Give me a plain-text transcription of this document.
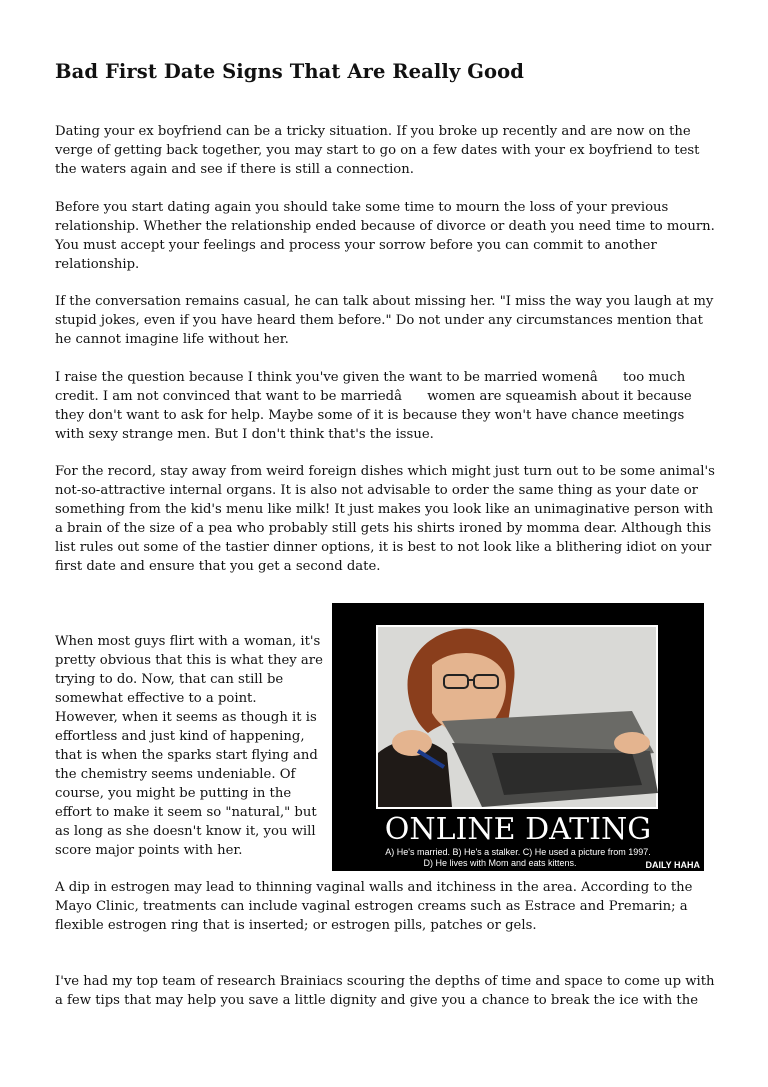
Bad First Date Signs That Are Really Good

Dating your ex boyfriend can be a tricky situation. If you broke up recently and are now on the verge of getting back together, you may start to go on a few dates with your ex boyfriend to test the waters again and see if there is still a connection.

Before you start dating again you should take some time to mourn the loss of your previous relationship. Whether the relationship ended because of divorce or death you need time to mourn. You must accept your feelings and process your sorrow before you can commit to another relationship.

If the conversation remains casual, he can talk about missing her. "I miss the way you laugh at my stupid jokes, even if you have heard them before." Do not under any circumstances mention that he cannot imagine life without her.

I raise the question because I think you've given the want to be married womenâ too much credit. I am not convinced that want to be marriedâ women are squeamish about it because they don't want to ask for help. Maybe some of it is because they won't have chance meetings with sexy strange men. But I don't think that's the issue.

For the record, stay away from weird foreign dishes which might just turn out to be some animal's not-so-attractive internal organs. It is also not advisable to order the same thing as your date or something from the kid's menu like milk! It just makes you look like an unimaginative person with a brain of the size of a pea who probably still gets his shirts ironed by momma dear. Although this list rules out some of the tastier dinner options, it is best to not look like a blithering idiot on your first date and ensure that you get a second date.

When most guys flirt with a woman, it's pretty obvious that this is what they are trying to do. Now, that can still be somewhat effective to a point. However, when it seems as though it is effortless and just kind of happening, that is when the sparks start flying and the chemistry seems undeniable. Of course, you might be putting in the effort to make it seem so "natural," but as long as she doesn't know it, you will score major points with her.

A dip in estrogen may lead to thinning vaginal walls and itchiness in the area. According to the Mayo Clinic, treatments can include vaginal estrogen creams such as Estrace and Premarin; a flexible estrogen ring that is inserted; or estrogen pills, patches or gels.

I've had my top team of research Brainiacs scouring the depths of time and space to come up with a few tips that may help you save a little dignity and give you a chance to break the ice with the

ONLINE DATING
A) He's married. B) He's a stalker. C) He used a picture from 1997.
D) He lives with Mom and eats kittens.	DAILY HAHA
